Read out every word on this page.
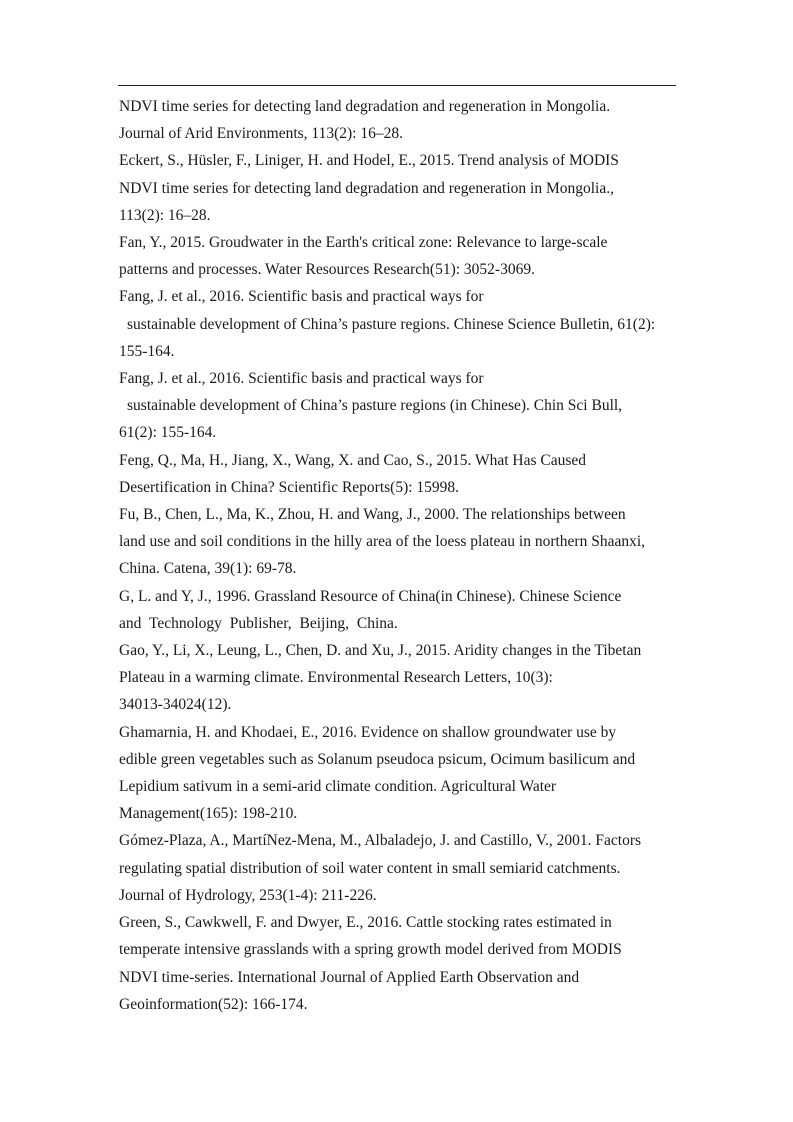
NDVI time series for detecting land degradation and regeneration in Mongolia.

Journal of Arid Environments, 113(2): 16–28.

Eckert, S., Hüsler, F., Liniger, H. and Hodel, E., 2015. Trend analysis of MODIS

NDVI time series for detecting land degradation and regeneration in Mongolia.,

113(2): 16–28.

Fan, Y., 2015. Groudwater in the Earth's critical zone: Relevance to large-scale

patterns and processes. Water Resources Research(51): 3052-3069.

Fang, J. et al., 2016. Scientific basis and practical ways for

sustainable development of China’s pasture regions. Chinese Science Bulletin, 61(2):

155-164.

Fang, J. et al., 2016. Scientific basis and practical ways for

sustainable development of China’s pasture regions (in Chinese). Chin Sci Bull,

61(2): 155-164.

Feng, Q., Ma, H., Jiang, X., Wang, X. and Cao, S., 2015. What Has Caused

Desertification in China? Scientific Reports(5): 15998.

Fu, B., Chen, L., Ma, K., Zhou, H. and Wang, J., 2000. The relationships between

land use and soil conditions in the hilly area of the loess plateau in northern Shaanxi,

China. Catena, 39(1): 69-78.

G, L. and Y, J., 1996. Grassland Resource of China(in Chinese). Chinese Science

and Technology Publisher, Beijing, China.

Gao, Y., Li, X., Leung, L., Chen, D. and Xu, J., 2015. Aridity changes in the Tibetan

Plateau in a warming climate. Environmental Research Letters, 10(3):

34013-34024(12).

Ghamarnia, H. and Khodaei, E., 2016. Evidence on shallow groundwater use by

edible green vegetables such as Solanum pseudoca psicum, Ocimum basilicum and

Lepidium sativum in a semi-arid climate condition. Agricultural Water

Management(165): 198-210.

Gómez-Plaza, A., MartíNez-Mena, M., Albaladejo, J. and Castillo, V., 2001. Factors

regulating spatial distribution of soil water content in small semiarid catchments.

Journal of Hydrology, 253(1-4): 211-226.

Green, S., Cawkwell, F. and Dwyer, E., 2016. Cattle stocking rates estimated in

temperate intensive grasslands with a spring growth model derived from MODIS

NDVI time-series. International Journal of Applied Earth Observation and

Geoinformation(52): 166-174.
